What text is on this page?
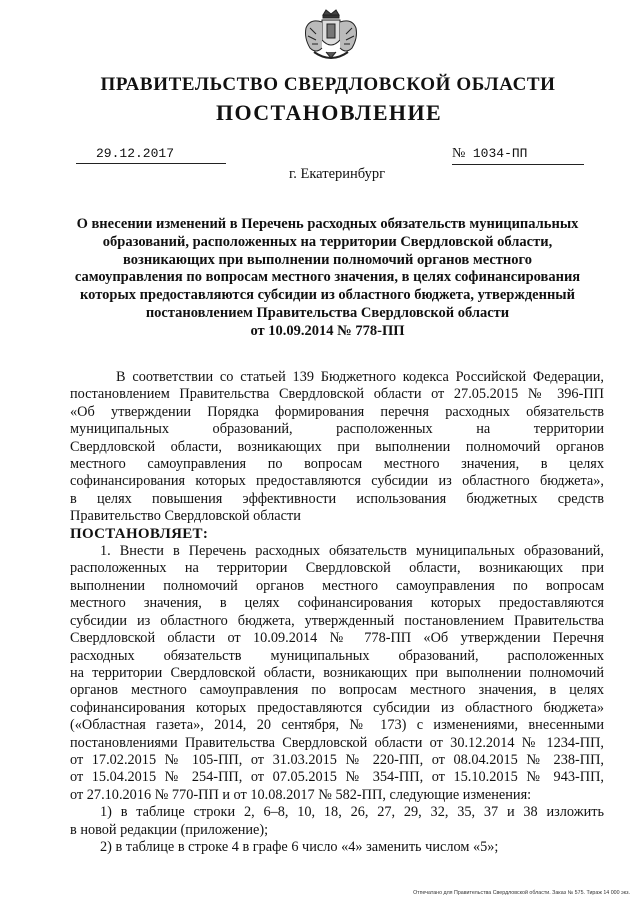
ПРАВИТЕЛЬСТВО СВЕРДЛОВСКОЙ ОБЛАСТИ
ПОСТАНОВЛЕНИЕ
29.12.2017	№ 1034-ПП
г. Екатеринбург
О внесении изменений в Перечень расходных обязательств муниципальных
образований, расположенных на территории Свердловской области,
возникающих при выполнении полномочий органов местного
самоуправления по вопросам местного значения, в целях софинансирования
которых предоставляются субсидии из областного бюджета, утвержденный
постановлением Правительства Свердловской области
от 10.09.2014 № 778-ПП
В соответствии со статьей 139 Бюджетного кодекса Российской Федерации,
постановлением Правительства Свердловской области от 27.05.2015 № 396-ПП
«Об утверждении Порядка формирования перечня расходных обязательств
муниципальных образований, расположенных на территории
Свердловской области, возникающих при выполнении полномочий органов
местного самоуправления по вопросам местного значения, в целях
софинансирования которых предоставляются субсидии из областного бюджета»,
в целях повышения эффективности использования бюджетных средств
Правительство Свердловской области
ПОСТАНОВЛЯЕТ:
1. Внести в Перечень расходных обязательств муниципальных образований,
расположенных на территории Свердловской области, возникающих при
выполнении полномочий органов местного самоуправления по вопросам
местного значения, в целях софинансирования которых предоставляются
субсидии из областного бюджета, утвержденный постановлением Правительства
Свердловской области от 10.09.2014 № 778-ПП «Об утверждении Перечня
расходных обязательств муниципальных образований, расположенных
на территории Свердловской области, возникающих при выполнении полномочий
органов местного самоуправления по вопросам местного значения, в целях
софинансирования которых предоставляются субсидии из областного бюджета»
(«Областная газета», 2014, 20 сентября, № 173) с изменениями, внесенными
постановлениями Правительства Свердловской области от 30.12.2014 № 1234-ПП,
от 17.02.2015 № 105-ПП, от 31.03.2015 № 220-ПП, от 08.04.2015 № 238-ПП,
от 15.04.2015 № 254-ПП, от 07.05.2015 № 354-ПП, от 15.10.2015 № 943-ПП,
от 27.10.2016 № 770-ПП и от 10.08.2017 № 582-ПП, следующие изменения:
1) в таблице строки 2, 6–8, 10, 18, 26, 27, 29, 32, 35, 37 и 38 изложить
в новой редакции (приложение);
2) в таблице в строке 4 в графе 6 число «4» заменить числом «5»;
Отпечатано для Правительства Свердловской области. Заказ № 575. Тираж 14 000 экз.
